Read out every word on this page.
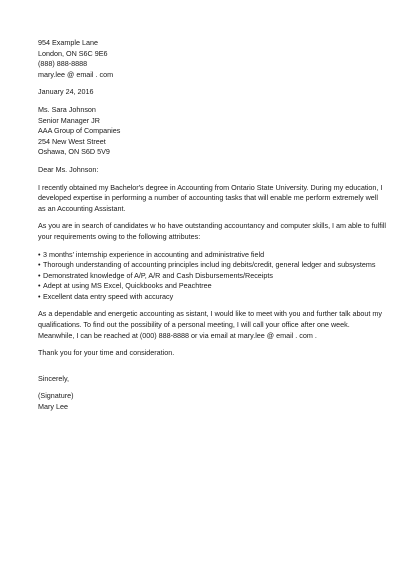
954 Example Lane
London, ON S6C 9E6
(888) 888-8888
mary.lee @ email . com
January 24, 2016
Ms. Sara Johnson
Senior Manager JR
AAA Group of Companies
254 New West Street
Oshawa, ON S6D 5V9
Dear Ms. Johnson:
I recently obtained my Bachelor's degree in Accounting from Ontario State University. During my education, I
developed expertise in performing a number of accounting tasks that will enable me perform extremely well
as an Accounting Assistant.
As you are in search of candidates w ho have outstanding accountancy and computer skills, I am able to fulfill
your requirements owing to the following attributes:
• 3 months' internship experience in accounting and administrative field
• Thorough understanding of accounting principles includ ing debits/credit, general ledger and subsystems
• Demonstrated knowledge of A/P, A/R and Cash Disbursements/Receipts
• Adept at using MS Excel, Quickbooks and Peachtree
• Excellent data entry speed with accuracy
As a dependable and energetic accounting as sistant, I would like to meet with you and further talk about my
qualifications. To find out the possibility of a personal meeting, I will call your office after one week.
Meanwhile, I can be reached at (000) 888-8888 or via email at mary.lee @ email . com .
Thank you for your time and consideration.
Sincerely,
(Signature)
Mary Lee
